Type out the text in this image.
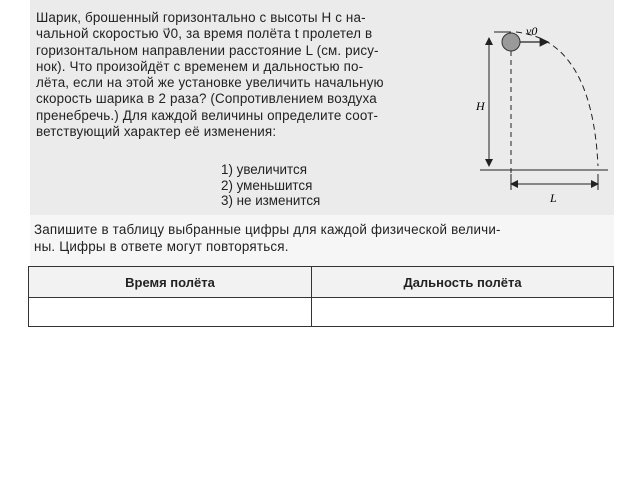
Шарик, брошенный горизонтально с высоты H с на-

чальной скоростью v⃗0, за время полёта t пролетел в

горизонтальном направлении расстояние L (см. рису-

нок). Что произойдёт с временем и дальностью по-

лёта, если на этой же установке увеличить начальную

скорость шарика в 2 раза? (Сопротивлением воздуха

пренебречь.) Для каждой величины определите соот-

ветствующий характер её изменения:

1) увеличится
2) уменьшится
3) не изменится
v0
H
L

Запишите в таблицу выбранные цифры для каждой физической величи-

ны. Цифры в ответе могут повторяться.

Время полёта	Дальность полёта
